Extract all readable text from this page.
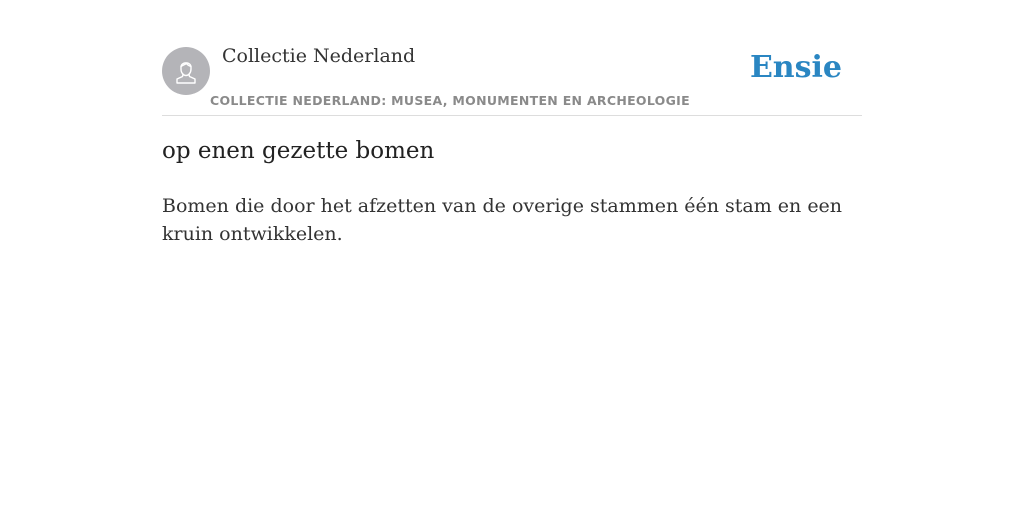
Collectie Nederland
COLLECTIE NEDERLAND: MUSEA, MONUMENTEN EN ARCHEOLOGIE
Ensie
op enen gezette bomen

Bomen die door het afzetten van de overige stammen één stam en een kruin ontwikkelen.
